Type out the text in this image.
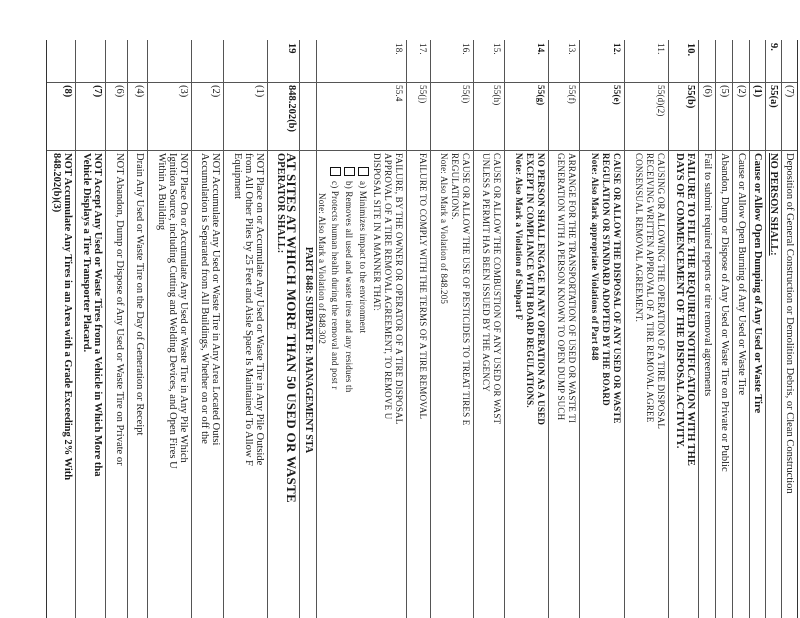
(7)
Deposition of General Construction or Demolition Debris, or Clean Construction
9.
55(a)
NO PERSON SHALL:
(1)
Cause or Allow Open Dumping of Any Used or Waste Tire
(2)
Cause or Allow Open Burning of Any Used or Waste Tire
(5)
Abandon, Dump or Dispose of Any Used or Waste Tire on Private or Public
(6)
Fail to submit required reports or tire removal agreements
10.
55(b)
FAILURE TO FILE THE REQUIRED NOTIFICATION WITH THE
DAYS OF COMMENCEMENT OF THE DISPOSAL ACTIVITY.
11.
55(d)(2)
CAUSING OR ALLOWING THE OPERATION OF A TIRE DISPOSAL
RECEIVING WRITTEN APPROVAL OF A TIRE REMOVAL AGREE
CONSENSUAL REMOVAL AGREEMENT.
12.
55(e)
CAUSE OR ALLOW THE DISPOSAL OF ANY USED OR WASTE
REGULATION OR STANDARD ADOPTED BY THE BOARD
Note: Also Mark appropriate Violations of Part 848
13.
55(f)
ARRANGE FOR THE TRANSPORTATION OF USED OR WASTE TI
GENERATION WITH A PERSON KNOWN TO OPEN DUMP SUCH
14.
55(g)
NO PERSON SHALL ENGAGE IN ANY OPERATION AS A USED
EXCEPT IN COMPLIANCE WITH BOARD REGULATIONS.
Note: Also Mark a Violation of Subpart F
15.
55(h)
CAUSE OR ALLOW THE COMBUSTION OF ANY USED OR WAST
UNLESS A PERMIT HAS BEEN ISSUED BY THE AGENCY
16.
55(i)
CAUSE OR ALLOW THE USE OF PESTICIDES TO TREAT TIRES E
REGULATIONS.
Note: Also Mark a Violation of 848.205
17.
55(j)
FAILURE TO COMPLY WITH THE TERMS OF A TIRE REMOVAL
18.
55.4
FAILURE, BY THE OWNER OR OPERATOR OF A TIRE DISPOSAL
APPROVAL OF A TIRE REMOVAL AGREEMENT, TO REMOVE U
DISPOSAL SITE IN A MANNER THAT:
a) Minimizes impact to the environment
b) Removes all used and waste tires and any residues th
c) Protects human health during the removal and post r
Note: Also Mark a Violation of 848.302
PART 848: SUBPART B: MANAGEMENT STA
19
848.202(b)
AT SITES AT WHICH MORE THAN 50 USED OR WASTE
OPERATOR SHALL:
(1)
NOT Place on or Accumulate Any Used or Waste Tire in Any Pile Outside
from All Other Piles by 25 Feet and Aisle Space Is Maintained To Allow F
Equipment
(2)
NOT Accumulate Any Used or Waste Tire in Any Area Located Outsi
Accumulation is Separated from All Buildings, Whether on or off the
(3)
NOT Place On or Accumulate Any Used or Waste Tire in Any Pile Which
Ignition Source, including Cutting and Welding Devices, and Open Fires U
Within A Building
(4)
Drain Any Used or Waste Tire on the Day of Generation or Receipt
(6)
NOT Abandon, Dump or Dispose of Any Used or Waste Tire on Private or
(7)
NOT Accept Any Used or Waste Tires from a Vehicle in Which More tha
Vehicle Displays a Tire Transporter Placard.
(8)
NOT Accumulate Any Tires in an Area with a Grade Exceeding 2% With
848.202(b)(3)
